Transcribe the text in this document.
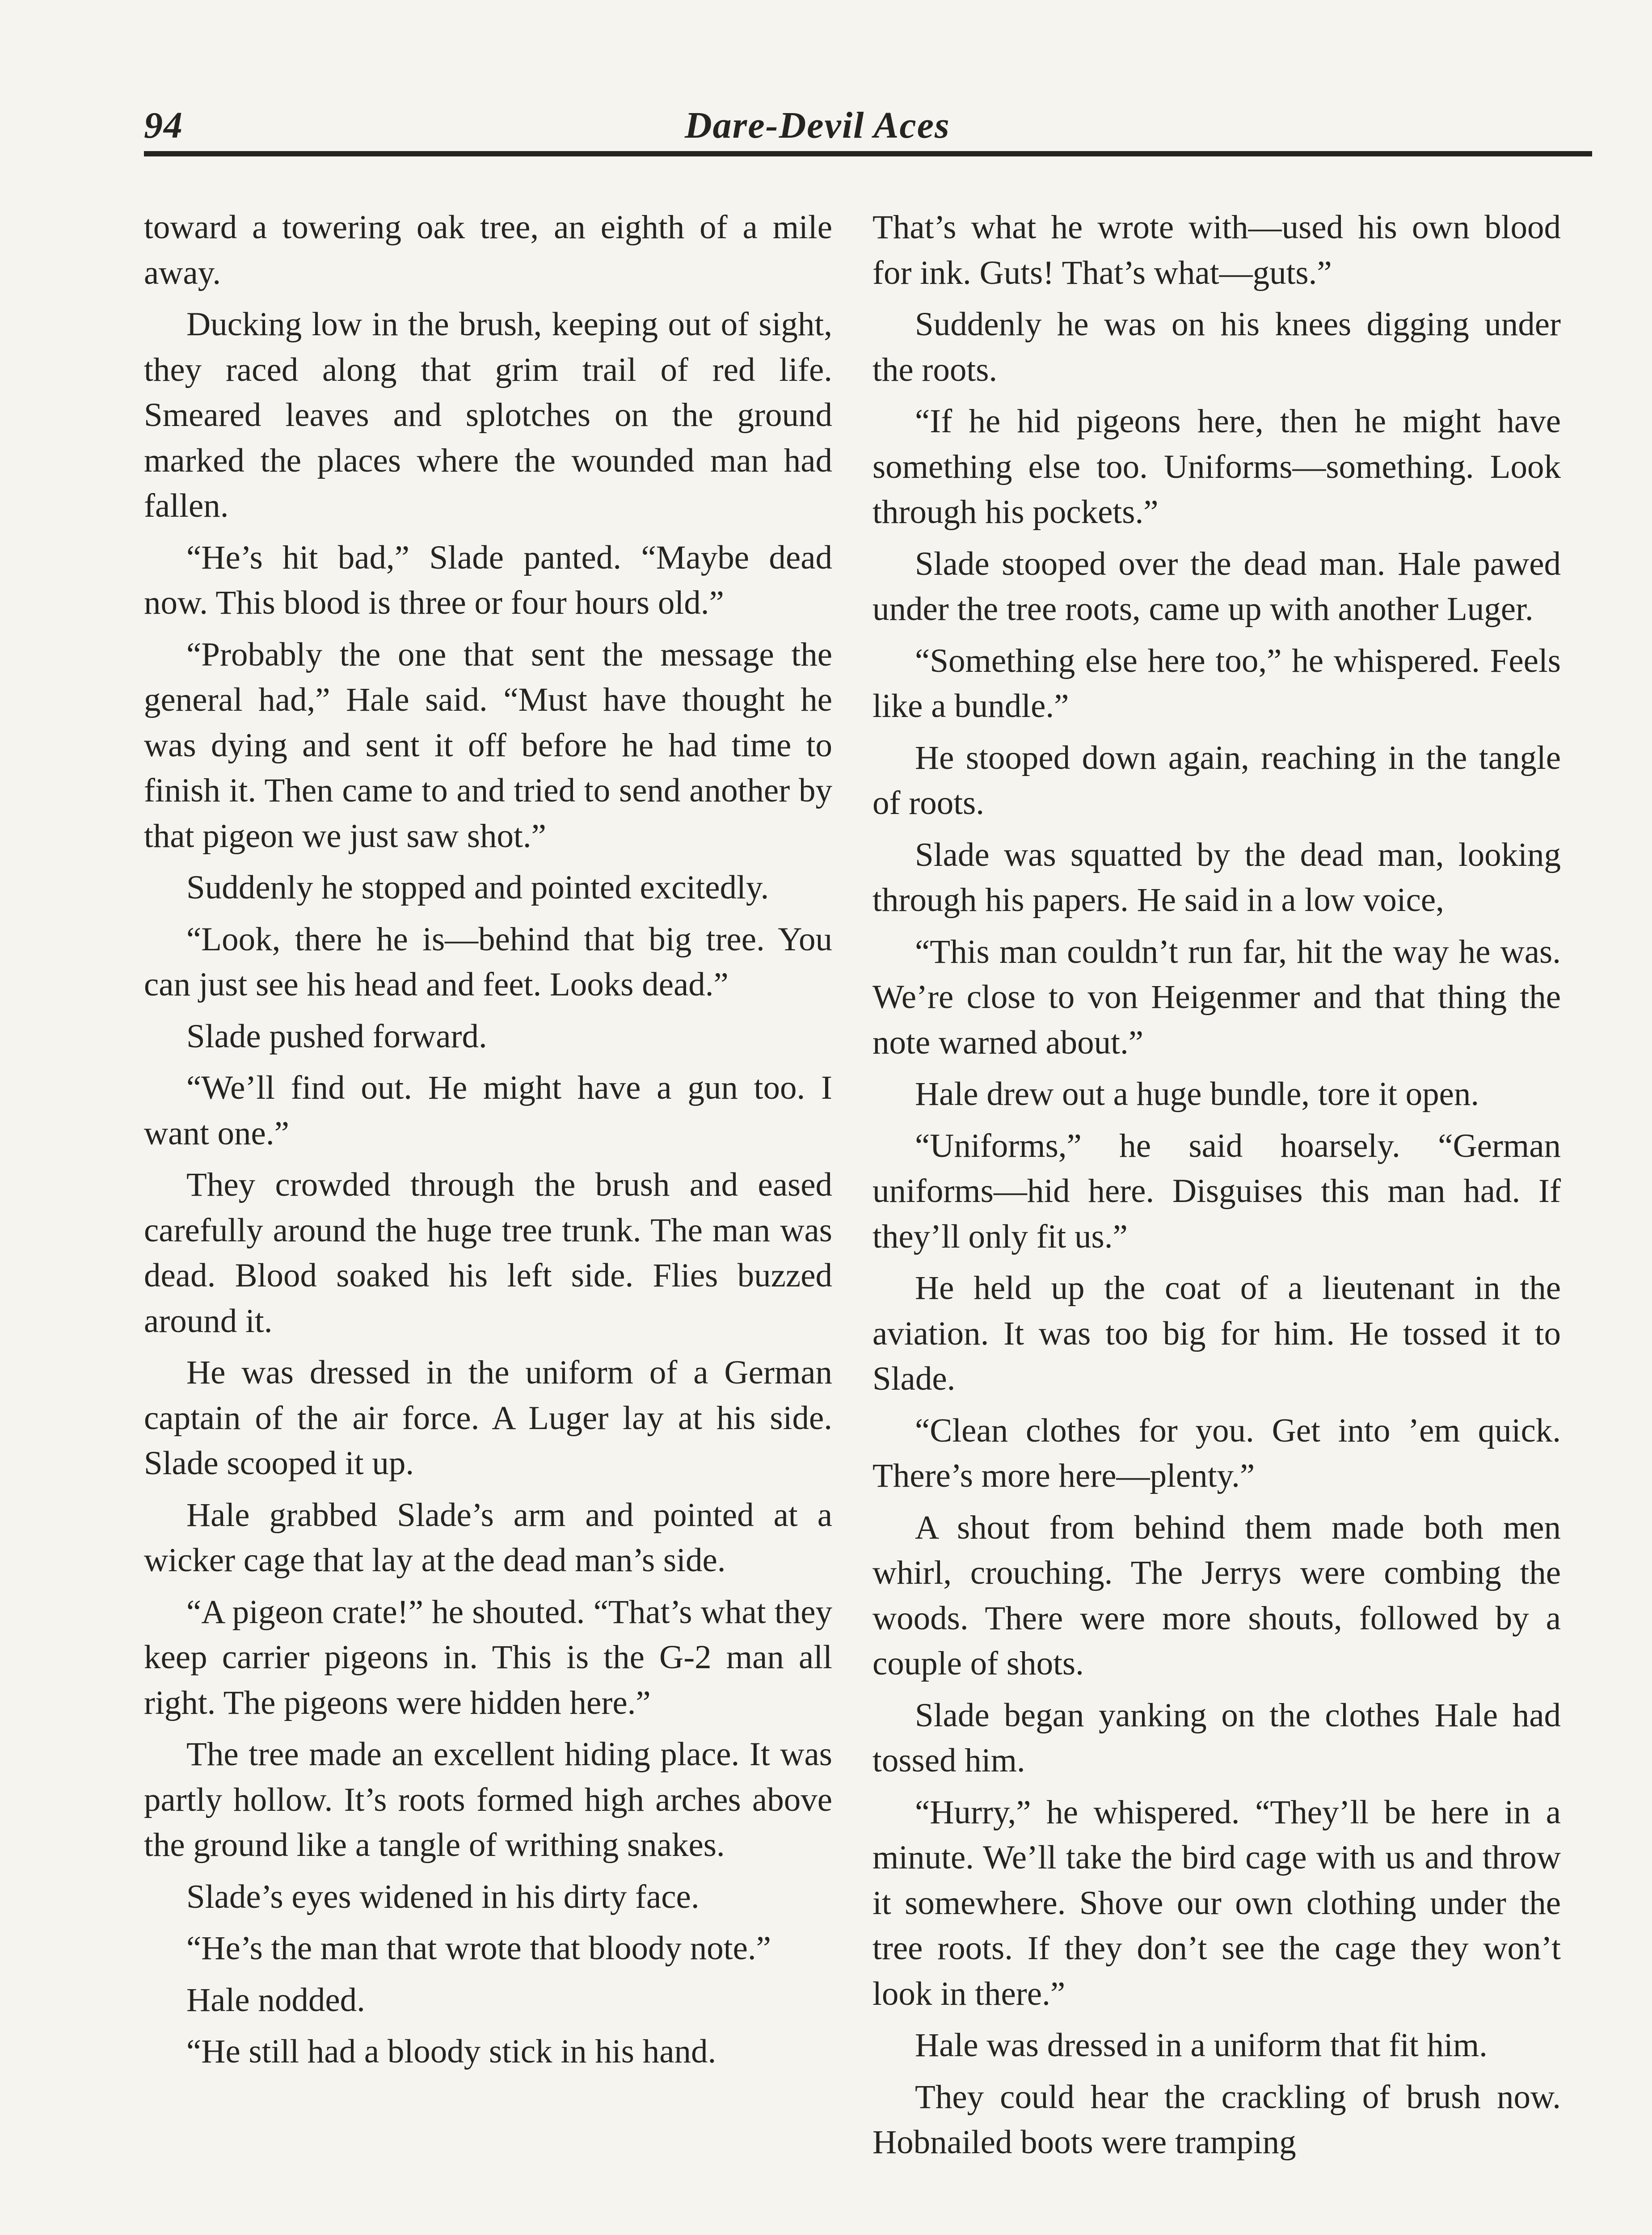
94	Dare-Devil Aces

toward a towering oak tree, an eighth of a mile away.

Ducking low in the brush, keeping out of sight, they raced along that grim trail of red life. Smeared leaves and splotches on the ground marked the places where the wounded man had fallen.

“He’s hit bad,” Slade panted. “Maybe dead now. This blood is three or four hours old.”

“Probably the one that sent the message the general had,” Hale said. “Must have thought he was dying and sent it off before he had time to finish it. Then came to and tried to send another by that pigeon we just saw shot.”

Suddenly he stopped and pointed excitedly.

“Look, there he is—behind that big tree. You can just see his head and feet. Looks dead.”

Slade pushed forward.

“We’ll find out. He might have a gun too. I want one.”

They crowded through the brush and eased carefully around the huge tree trunk. The man was dead. Blood soaked his left side. Flies buzzed around it.

He was dressed in the uniform of a German captain of the air force. A Luger lay at his side. Slade scooped it up.

Hale grabbed Slade’s arm and pointed at a wicker cage that lay at the dead man’s side.

“A pigeon crate!” he shouted. “That’s what they keep carrier pigeons in. This is the G-2 man all right. The pigeons were hidden here.”

The tree made an excellent hiding place. It was partly hollow. It’s roots formed high arches above the ground like a tangle of writhing snakes.

Slade’s eyes widened in his dirty face.

“He’s the man that wrote that bloody note.”

Hale nodded.

“He still had a bloody stick in his hand.

That’s what he wrote with—used his own blood for ink. Guts! That’s what—guts.”

Suddenly he was on his knees digging under the roots.

“If he hid pigeons here, then he might have something else too. Uniforms—something. Look through his pockets.”

Slade stooped over the dead man. Hale pawed under the tree roots, came up with another Luger.

“Something else here too,” he whispered. Feels like a bundle.”

He stooped down again, reaching in the tangle of roots.

Slade was squatted by the dead man, looking through his papers. He said in a low voice,

“This man couldn’t run far, hit the way he was. We’re close to von Heigenmer and that thing the note warned about.”

Hale drew out a huge bundle, tore it open.

“Uniforms,” he said hoarsely. “German uniforms—hid here. Disguises this man had. If they’ll only fit us.”

He held up the coat of a lieutenant in the aviation. It was too big for him. He tossed it to Slade.

“Clean clothes for you. Get into ’em quick. There’s more here—plenty.”

A shout from behind them made both men whirl, crouching. The Jerrys were combing the woods. There were more shouts, followed by a couple of shots.

Slade began yanking on the clothes Hale had tossed him.

“Hurry,” he whispered. “They’ll be here in a minute. We’ll take the bird cage with us and throw it somewhere. Shove our own clothing under the tree roots. If they don’t see the cage they won’t look in there.”

Hale was dressed in a uniform that fit him.

They could hear the crackling of brush now. Hobnailed boots were tramping
